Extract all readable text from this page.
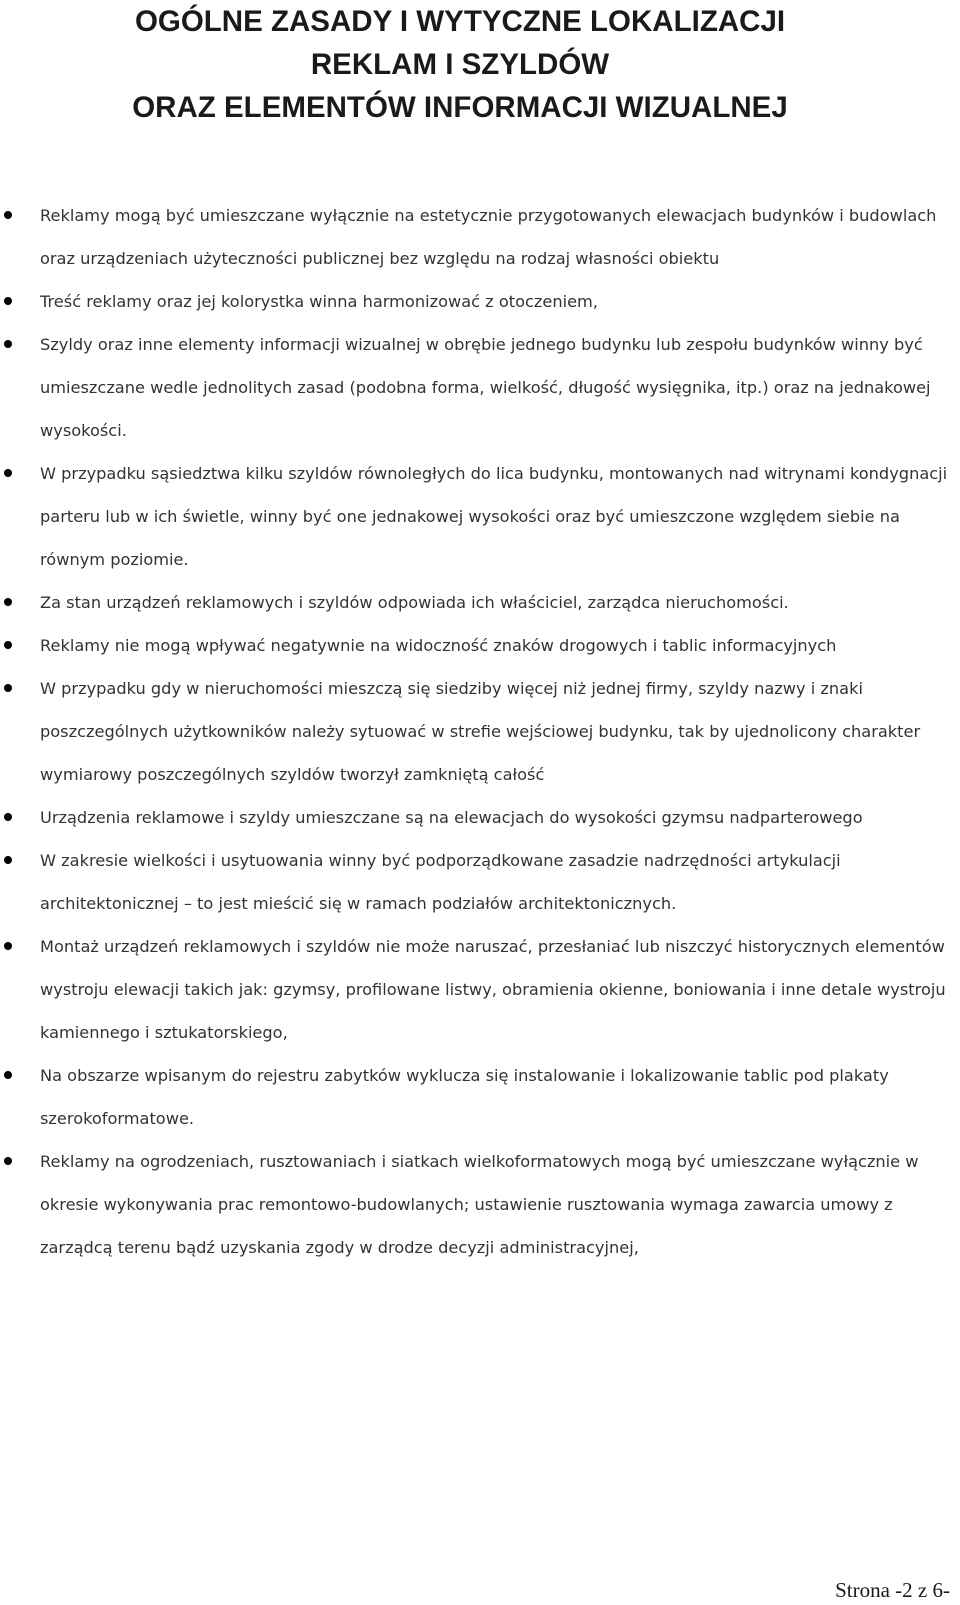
OGÓLNE ZASADY I WYTYCZNE LOKALIZACJI
REKLAM I SZYLDÓW
ORAZ ELEMENTÓW INFORMACJI WIZUALNEJ
Reklamy mogą być umieszczane wyłącznie na estetycznie przygotowanych elewacjach budynków i budowlach oraz urządzeniach użyteczności publicznej bez względu na rodzaj własności obiektu
Treść reklamy oraz jej kolorystka winna harmonizować z otoczeniem,
Szyldy oraz inne elementy informacji wizualnej w obrębie jednego budynku lub zespołu budynków winny być umieszczane wedle jednolitych zasad (podobna forma, wielkość, długość wysięgnika, itp.) oraz na jednakowej wysokości.
W przypadku sąsiedztwa kilku szyldów równoległych do lica budynku, montowanych nad witrynami kondygnacji parteru lub w ich świetle, winny być one jednakowej wysokości oraz być umieszczone względem siebie na równym poziomie.
Za stan urządzeń reklamowych i szyldów odpowiada ich właściciel, zarządca nieruchomości.
Reklamy nie mogą wpływać negatywnie na widoczność znaków drogowych i tablic informacyjnych
W przypadku gdy w nieruchomości mieszczą się siedziby więcej niż jednej firmy, szyldy nazwy i znaki poszczególnych użytkowników należy sytuować w strefie wejściowej budynku, tak by ujednolicony charakter wymiarowy poszczególnych szyldów tworzył zamkniętą całość
Urządzenia reklamowe i szyldy umieszczane są na elewacjach do wysokości gzymsu nadparterowego
W zakresie wielkości i usytuowania winny być podporządkowane zasadzie nadrzędności artykulacji architektonicznej – to jest mieścić się w ramach podziałów architektonicznych.
Montaż urządzeń reklamowych i szyldów nie może naruszać, przesłaniać lub niszczyć historycznych elementów wystroju elewacji takich jak: gzymsy, profilowane listwy, obramienia okienne, boniowania i inne detale wystroju kamiennego i sztukatorskiego,
Na obszarze wpisanym do rejestru zabytków wyklucza się instalowanie i lokalizowanie tablic pod plakaty szerokoformatowe.
Reklamy na ogrodzeniach, rusztowaniach i siatkach wielkoformatowych mogą być umieszczane wyłącznie w okresie wykonywania prac remontowo-budowlanych; ustawienie rusztowania wymaga zawarcia umowy z zarządcą terenu bądź uzyskania zgody w drodze decyzji administracyjnej,
Strona -2 z 6-
